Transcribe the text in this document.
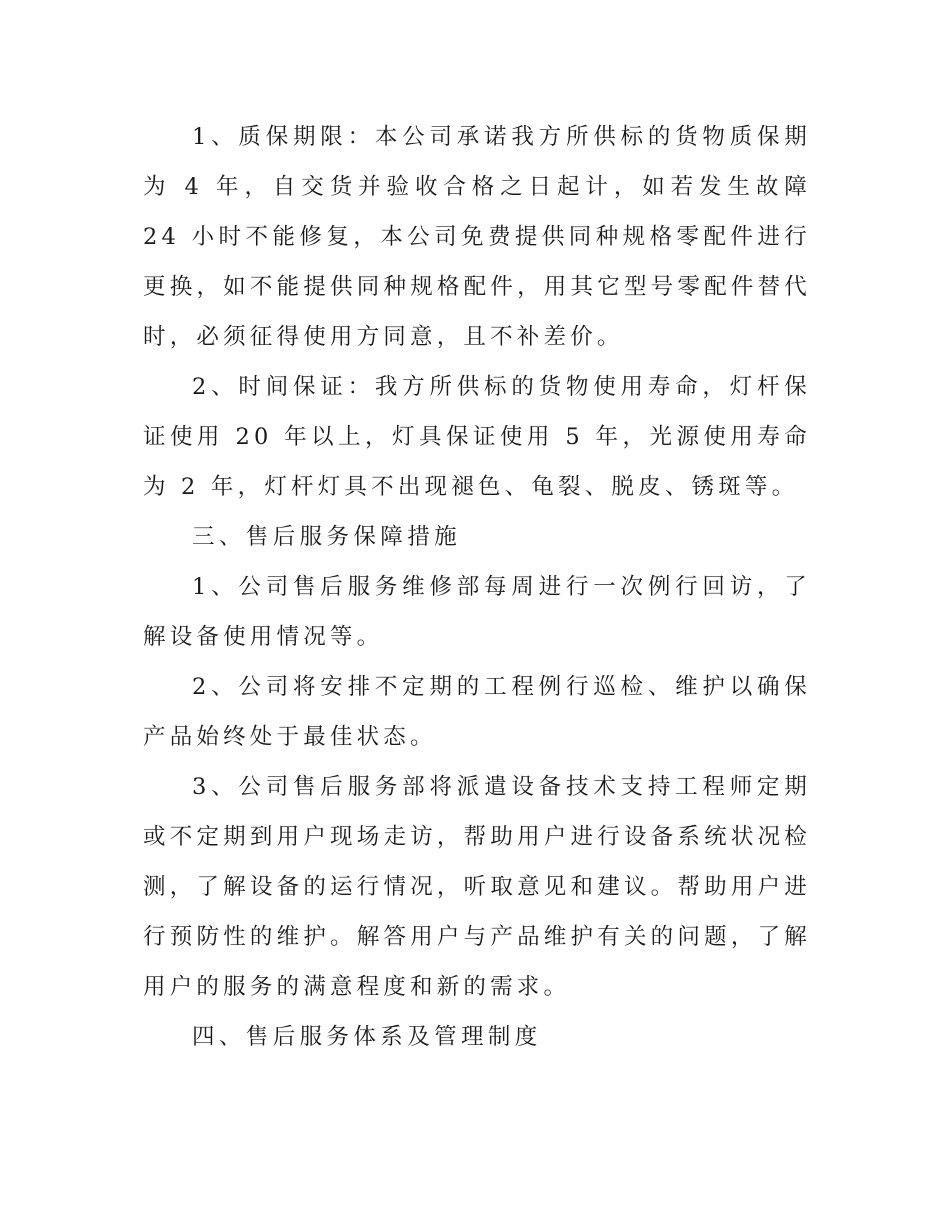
1、质保期限：本公司承诺我方所供标的货物质保期为 4 年，自交货并验收合格之日起计，如若发生故障 24 小时不能修复，本公司免费提供同种规格零配件进行更换，如不能提供同种规格配件，用其它型号零配件替代时，必须征得使用方同意，且不补差价。

2、时间保证：我方所供标的货物使用寿命，灯杆保证使用 20 年以上，灯具保证使用 5 年，光源使用寿命为 2 年，灯杆灯具不出现褪色、龟裂、脱皮、锈斑等。

三、售后服务保障措施

1、公司售后服务维修部每周进行一次例行回访，了解设备使用情况等。

2、公司将安排不定期的工程例行巡检、维护以确保产品始终处于最佳状态。

3、公司售后服务部将派遣设备技术支持工程师定期或不定期到用户现场走访，帮助用户进行设备系统状况检测，了解设备的运行情况，听取意见和建议。帮助用户进行预防性的维护。解答用户与产品维护有关的问题，了解用户的服务的满意程度和新的需求。

四、售后服务体系及管理制度
